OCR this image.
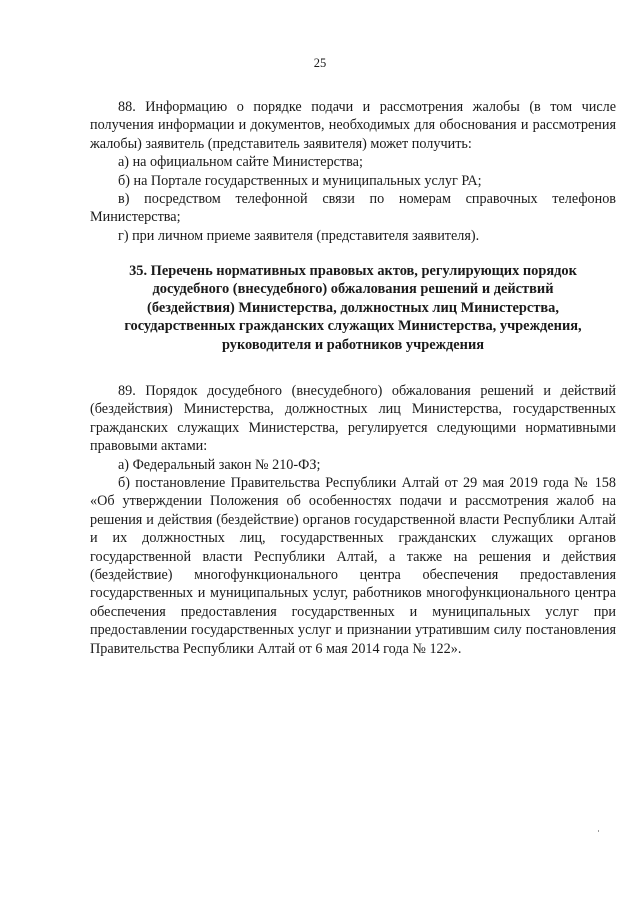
25

88. Информацию о порядке подачи и рассмотрения жалобы (в том числе получения информации и документов, необходимых для обоснования и рассмотрения жалобы) заявитель (представитель заявителя) может получить:

а) на официальном сайте Министерства;

б) на Портале государственных и муниципальных услуг РА;

в) посредством телефонной связи по номерам справочных телефонов Министерства;

г) при личном приеме заявителя (представителя заявителя).

35. Перечень нормативных правовых актов, регулирующих порядок досудебного (внесудебного) обжалования решений и действий (бездействия) Министерства, должностных лиц Министерства, государственных гражданских служащих Министерства, учреждения, руководителя и работников учреждения

89. Порядок досудебного (внесудебного) обжалования решений и действий (бездействия) Министерства, должностных лиц Министерства, государственных гражданских служащих Министерства, регулируется следующими нормативными правовыми актами:

а) Федеральный закон № 210-ФЗ;

б) постановление Правительства Республики Алтай от 29 мая 2019 года № 158 «Об утверждении Положения об особенностях подачи и рассмотрения жалоб на решения и действия (бездействие) органов государственной власти Республики Алтай и их должностных лиц, государственных гражданских служащих органов государственной власти Республики Алтай, а также на решения и действия (бездействие) многофункционального центра обеспечения предоставления государственных и муниципальных услуг, работников многофункционального центра обеспечения предоставления государственных и муниципальных услуг при предоставлении государственных услуг и признании утратившим силу постановления Правительства Республики Алтай от 6 мая 2014 года № 122».
